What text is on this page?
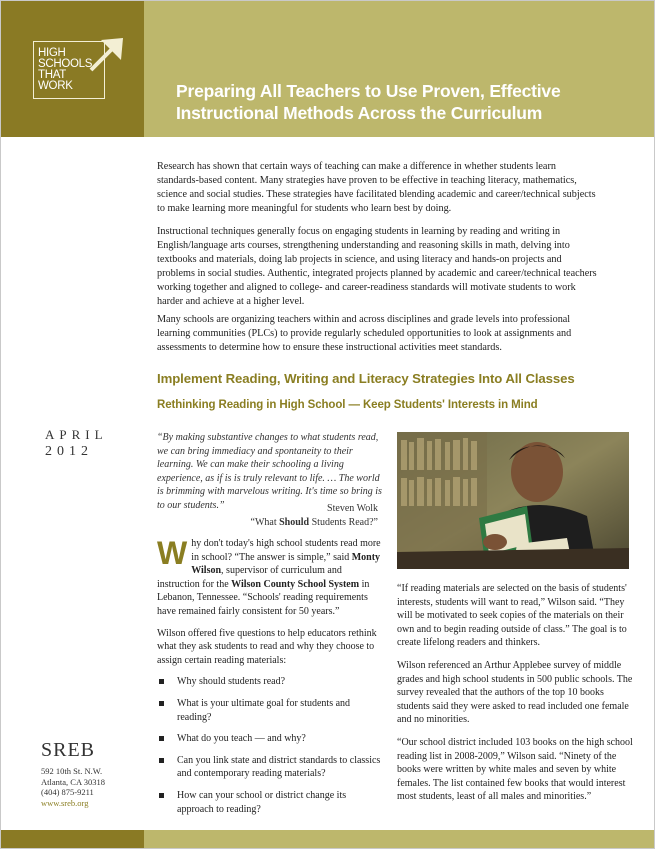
HIGH
SCHOOLS
THAT
WORK	Preparing All Teachers to Use Proven, Effective
Instructional Methods Across the Curriculum
Research has shown that certain ways of teaching can make a difference in whether students learn standards-based content. Many strategies have proven to be effective in teaching literacy, mathematics, science and social studies. These strategies have facilitated blending academic and career/technical subjects to make learning more meaningful for students who learn best by doing.
Instructional techniques generally focus on engaging students in learning by reading and writing in English/language arts courses, strengthening understanding and reasoning skills in math, delving into textbooks and materials, doing lab projects in science, and using literacy and hands-on projects and problems in social studies. Authentic, integrated projects planned by academic and career/technical teachers working together and aligned to college- and career-readiness standards will motivate students to work harder and achieve at a higher level.
Many schools are organizing teachers within and across disciplines and grade levels into professional learning communities (PLCs) to provide regularly scheduled opportunities to look at assignments and assessments to determine how to ensure these instructional activities meet standards.
Implement Reading, Writing and Literacy Strategies Into All Classes
Rethinking Reading in High School — Keep Students' Interests in Mind
APRIL
2012
“By making substantive changes to what students read, we can bring immediacy and spontaneity to their learning. We can make their schooling a living experience, as if is is truly relevant to life. … The world is brimming with marvelous writing. It's time so bring is to our students.”	Steven Wolk
“What Should Students Read?”

Why don't today's high school students read more in school? “The answer is simple,” said Monty Wilson, supervisor of curriculum and instruction for the Wilson County School System in Lebanon, Tennessee. “Schools' reading requirements have remained fairly consistent for 50 years.”

Wilson offered five questions to help educators rethink what they ask students to read and why they choose to assign certain reading materials:

Why should students read?
What is your ultimate goal for students and reading?
What do you teach — and why?
Can you link state and district standards to classics and contemporary reading materials?
How can your school or district change its approach to reading?

“If reading materials are selected on the basis of students' interests, students will want to read,” Wilson said. “They will be motivated to seek copies of the materials on their own and to begin reading outside of class.” The goal is to create lifelong readers and thinkers.

Wilson referenced an Arthur Applebee survey of middle grades and high school students in 500 public schools. The survey revealed that the authors of the top 10 books students said they were asked to read included one female and no minorities.

“Our school district included 103 books on the high school reading list in 2008-2009,” Wilson said. “Ninety of the books were written by white males and seven by white females. The list contained few books that would interest most students, least of all males and minorities.”

SREB
592 10th St. N.W.
Atlanta, CA 30318
(404) 875-9211
www.sreb.org
